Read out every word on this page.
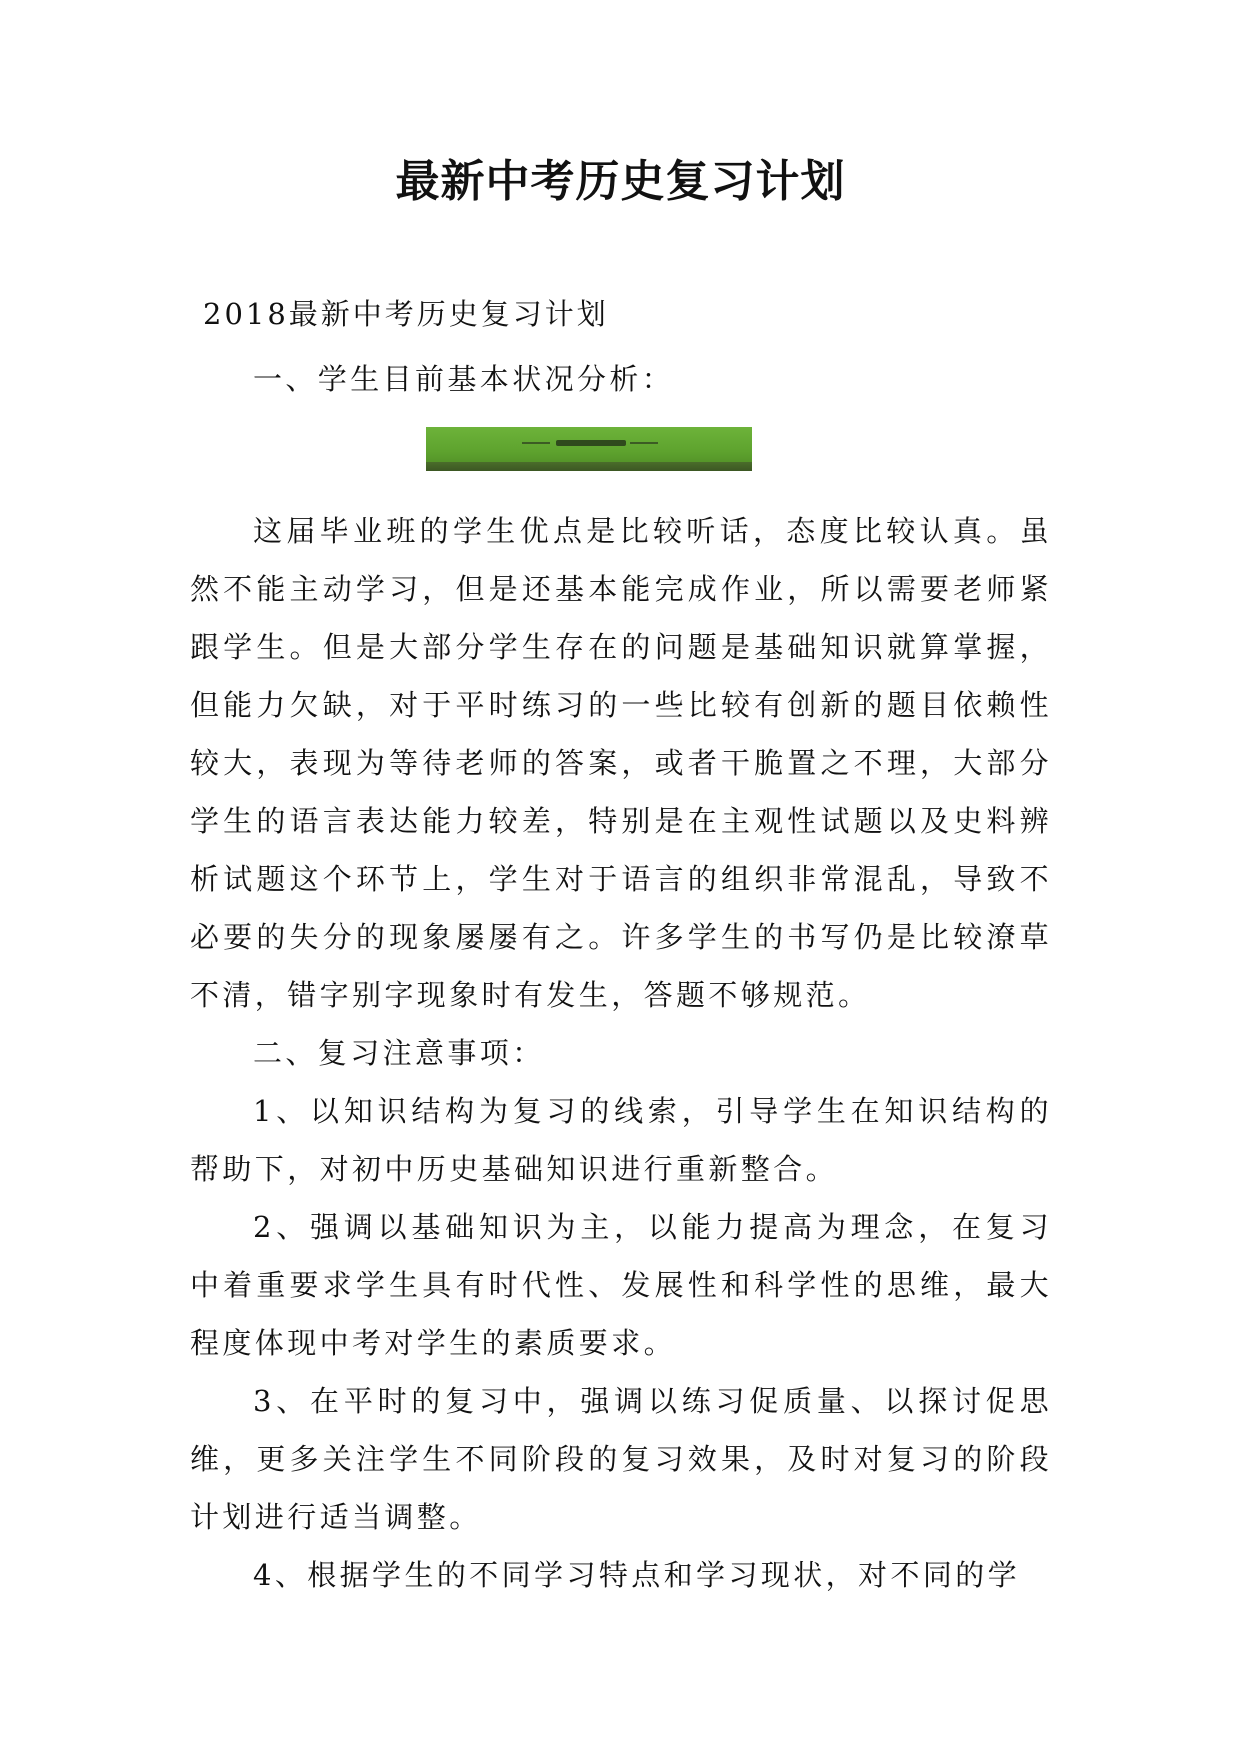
最新中考历史复习计划

2018最新中考历史复习计划

一、学生目前基本状况分析：

这届毕业班的学生优点是比较听话，态度比较认真。虽然不能主动学习，但是还基本能完成作业，所以需要老师紧跟学生。但是大部分学生存在的问题是基础知识就算掌握，但能力欠缺，对于平时练习的一些比较有创新的题目依赖性较大，表现为等待老师的答案，或者干脆置之不理，大部分学生的语言表达能力较差，特别是在主观性试题以及史料辨析试题这个环节上，学生对于语言的组织非常混乱，导致不必要的失分的现象屡屡有之。许多学生的书写仍是比较潦草不清，错字别字现象时有发生，答题不够规范。

二、复习注意事项：

1、以知识结构为复习的线索，引导学生在知识结构的帮助下，对初中历史基础知识进行重新整合。

2、强调以基础知识为主，以能力提高为理念，在复习中着重要求学生具有时代性、发展性和科学性的思维，最大程度体现中考对学生的素质要求。

3、在平时的复习中，强调以练习促质量、以探讨促思维，更多关注学生不同阶段的复习效果，及时对复习的阶段计划进行适当调整。

4、根据学生的不同学习特点和学习现状，对不同的学
